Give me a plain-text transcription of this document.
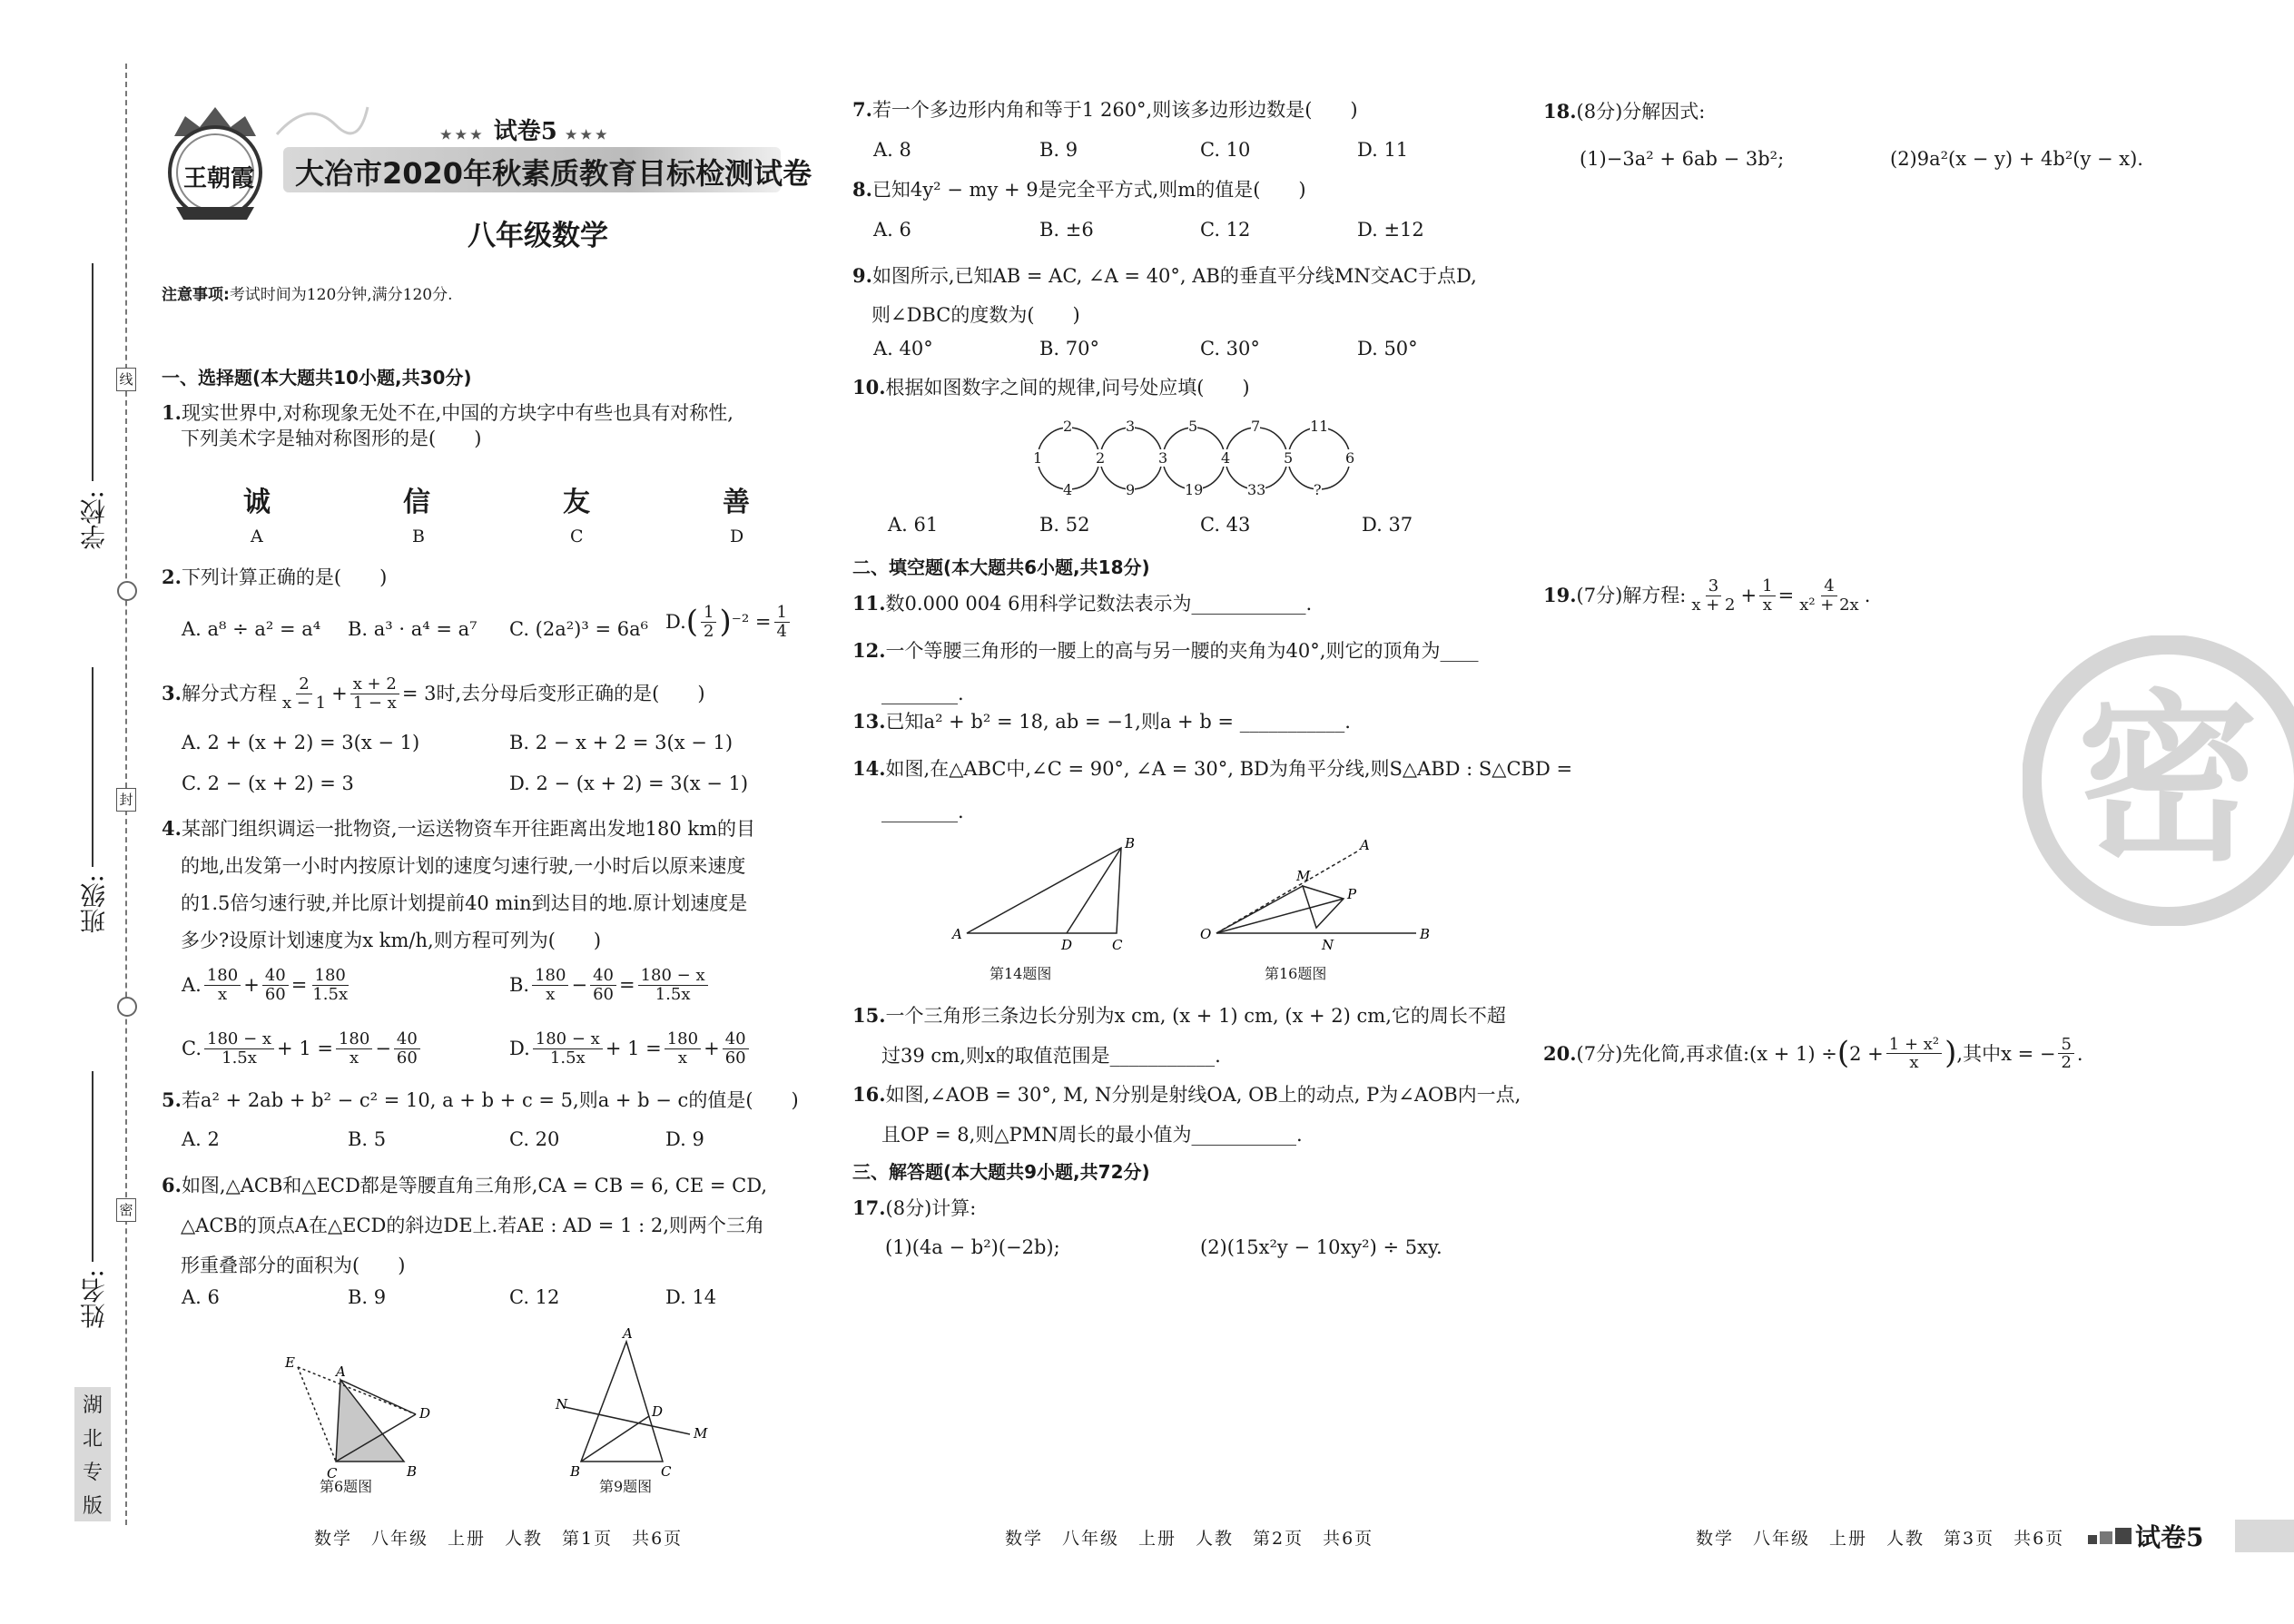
线
封
密
学校:
班级:
姓名:
湖
北
专
版
王朝霞
★★★ 试卷5 ★★★
大冶市2020年秋素质教育目标检测试卷
八年级数学
注意事项:考试时间为120分钟,满分120分.
一、选择题(本大题共10小题,共30分)
1.现实世界中,对称现象无处不在,中国的方块字中有些也具有对称性,
下列美术字是轴对称图形的是(　　)
诚	信	友	善
A	B	C	D
2.下列计算正确的是(　　)
A. a⁸ ÷ a² = a⁴ B. a³ · a⁴ = a⁷ C. (2a²)³ = 6a⁶ D. ( $\frac{1}{2}$ ) $^{-2} = \frac{1}{4}$
3. 解分式方程 $\frac{2}{x - 1} + \frac{x + 2}{1 - x} = 3$时,去分母后变形正确的是(　　)
A. 2 + (x + 2) = 3(x − 1)	B. 2 − x + 2 = 3(x − 1)
C. 2 − (x + 2) = 3	D. 2 − (x + 2) = 3(x − 1)
4.某部门组织调运一批物资,一运送物资车开往距离出发地180 km的目
的地,出发第一小时内按原计划的速度匀速行驶,一小时后以原来速度
的1.5倍匀速行驶,并比原计划提前40 min到达目的地.原计划速度是
多少?设原计划速度为x km/h,则方程可列为(　　)
A. $\frac{180}{x} + \frac{40}{60} = \frac{180}{1.5x}$	B. $\frac{180}{x} - \frac{40}{60} = \frac{180 - x}{1.5x}$
C. $\frac{180 - x}{1.5x} + 1 = \frac{180}{x} - \frac{40}{60}$	D. $\frac{180 - x}{1.5x} + 1 = \frac{180}{x} + \frac{40}{60}$
5.若a² + 2ab + b² − c² = 10, a + b + c = 5,则a + b − c的值是(　　)
A. 2	B. 5	C. 20	D. 9
6.如图,△ACB和△ECD都是等腰直角三角形,CA = CB = 6, CE = CD,
△ACB的顶点A在△ECD的斜边DE上.若AE : AD = 1 : 2,则两个三角
形重叠部分的面积为(　　)
A. 6	B. 9	C. 12	D. 14
E
A
D
C	B
第6题图
A
N	D
M
B	C
第9题图
7.若一个多边形内角和等于1 260°,则该多边形边数是(　　)
A. 8	B. 9	C. 10	D. 11
8.已知4y² − my + 9是完全平方式,则m的值是(　　)
A. 6	B. ±6	C. 12	D. ±12
9.如图所示,已知AB = AC, ∠A = 40°, AB的垂直平分线MN交AC于点D,
则∠DBC的度数为(　　)
A. 40°	B. 70°	C. 30°	D. 50°
10.根据如图数字之间的规律,问号处应填(　　)
2	3	5	7	11
1	2	3	4	5	6
4	9	19	33	?
A. 61	B. 52	C. 43	D. 37
二、填空题(本大题共6小题,共18分)
11.数0.000 004 6用科学记数法表示为____________.
12.一个等腰三角形的一腰上的高与另一腰的夹角为40°,则它的顶角为____
________.
13.已知a² + b² = 18, ab = −1,则a + b = ___________.
14.如图,在△ABC中,∠C = 90°, ∠A = 30°, BD为角平分线,则S△ABD : S△CBD =
________.
A
B
D	C
第14题图
O
A
B
M
P
N
第16题图
15.一个三角形三条边长分别为x cm, (x + 1) cm, (x + 2) cm,它的周长不超
过39 cm,则x的取值范围是___________.
16.如图,∠AOB = 30°, M, N分别是射线OA, OB上的动点, P为∠AOB内一点,
且OP = 8,则△PMN周长的最小值为___________.
三、解答题(本大题共9小题,共72分)
17.(8分)计算:
(1)(4a − b²)(−2b);	(2)(15x²y − 10xy²) ÷ 5xy.
18.(8分)分解因式:
(1)−3a² + 6ab − 3b²;	(2)9a²(x − y) + 4b²(y − x).
19. (7分)解方程: $\frac{3}{x + 2} + \frac{1}{x} = \frac{4}{\text{x² + 2x}}$ .
20. (7分)先化简,再求值:(x + 1) ÷ ( $2 + \frac{\text{1 + x²}}{x}$ ) ,其中x = − $\frac{5}{2}$ .
密
数学　八年级　上册　人教　第1页　共6页	数学　八年级　上册　人教　第2页　共6页	数学　八年级　上册　人教　第3页　共6页	试卷5
